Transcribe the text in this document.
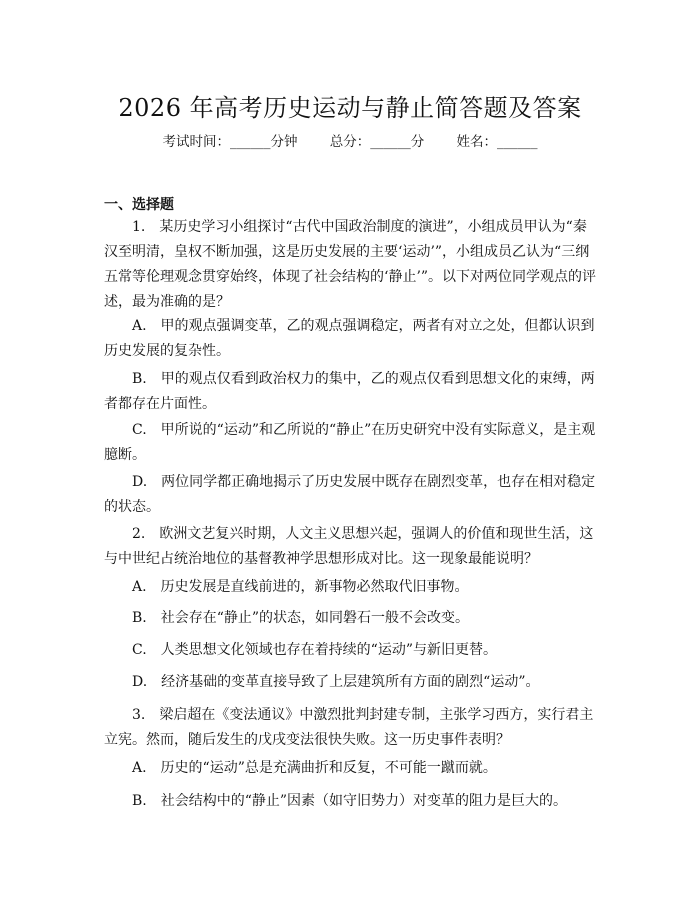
2026 年高考历史运动与静止简答题及答案
考试时间：______分钟 总分：______分 姓名：______
一、选择题
1.　某历史学习小组探讨“古代中国政治制度的演进”，小组成员甲认为“秦汉至明清，皇权不断加强，这是历史发展的主要‘运动’”，小组成员乙认为“三纲五常等伦理观念贯穿始终，体现了社会结构的‘静止’”。以下对两位同学观点的评述，最为准确的是？
A.　甲的观点强调变革，乙的观点强调稳定，两者有对立之处，但都认识到历史发展的复杂性。
B.　甲的观点仅看到政治权力的集中，乙的观点仅看到思想文化的束缚，两者都存在片面性。
C.　甲所说的“运动”和乙所说的“静止”在历史研究中没有实际意义，是主观臆断。
D.　两位同学都正确地揭示了历史发展中既存在剧烈变革，也存在相对稳定的状态。
2.　欧洲文艺复兴时期，人文主义思想兴起，强调人的价值和现世生活，这与中世纪占统治地位的基督教神学思想形成对比。这一现象最能说明？
A.　历史发展是直线前进的，新事物必然取代旧事物。
B.　社会存在“静止”的状态，如同磐石一般不会改变。
C.　人类思想文化领域也存在着持续的“运动”与新旧更替。
D.　经济基础的变革直接导致了上层建筑所有方面的剧烈“运动”。
3.　梁启超在《变法通议》中激烈批判封建专制，主张学习西方，实行君主立宪。然而，随后发生的戊戌变法很快失败。这一历史事件表明？
A.　历史的“运动”总是充满曲折和反复，不可能一蹴而就。
B.　社会结构中的“静止”因素（如守旧势力）对变革的阻力是巨大的。
